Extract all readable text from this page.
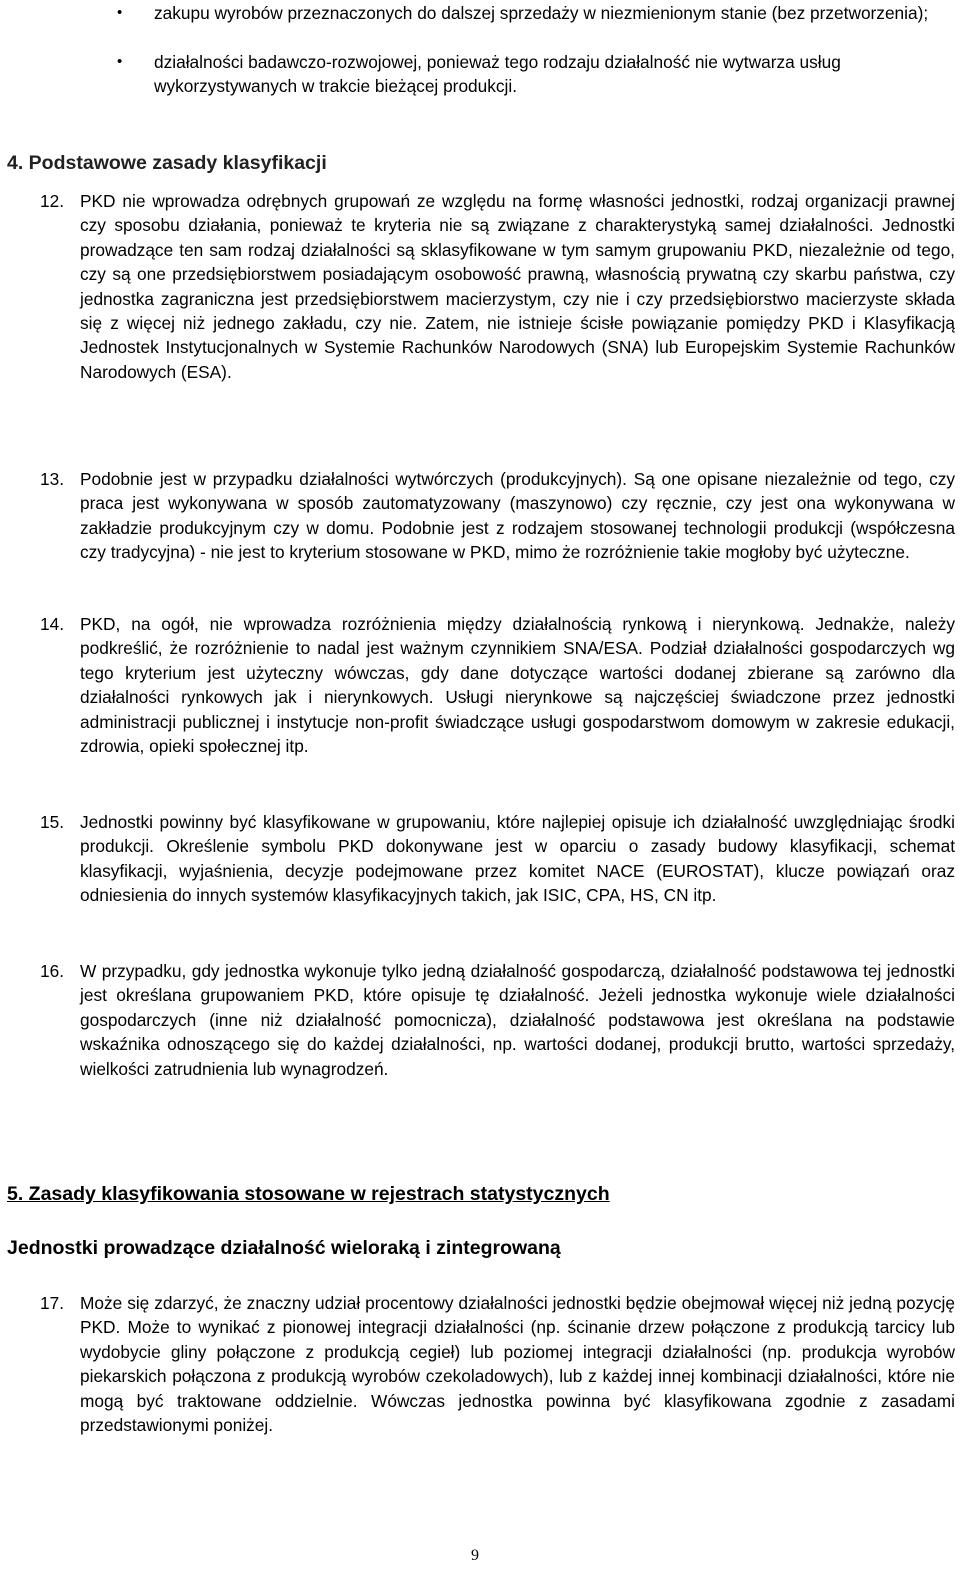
• zakupu wyrobów przeznaczonych do dalszej sprzedaży w niezmienionym stanie (bez przetworzenia);

• działalności badawczo-rozwojowej, ponieważ tego rodzaju działalność nie wytwarza usług wykorzystywanych w trakcie bieżącej produkcji.

4. Podstawowe zasady klasyfikacji

12. PKD nie wprowadza odrębnych grupowań ze względu na formę własności jednostki, rodzaj organizacji prawnej czy sposobu działania, ponieważ te kryteria nie są związane z charakterystyką samej działalności. Jednostki prowadzące ten sam rodzaj działalności są sklasyfikowane w tym samym grupowaniu PKD, niezależnie od tego, czy są one przedsiębiorstwem posiadającym osobowość prawną, własnością prywatną czy skarbu państwa, czy jednostka zagraniczna jest przedsiębiorstwem macierzystym, czy nie i czy przedsiębiorstwo macierzyste składa się z więcej niż jednego zakładu, czy nie. Zatem, nie istnieje ścisłe powiązanie pomiędzy PKD i Klasyfikacją Jednostek Instytucjonalnych w Systemie Rachunków Narodowych (SNA) lub Europejskim Systemie Rachunków Narodowych (ESA).

13. Podobnie jest w przypadku działalności wytwórczych (produkcyjnych). Są one opisane niezależnie od tego, czy praca jest wykonywana w sposób zautomatyzowany (maszynowo) czy ręcznie, czy jest ona wykonywana w zakładzie produkcyjnym czy w domu. Podobnie jest z rodzajem stosowanej technologii produkcji (współczesna czy tradycyjna) - nie jest to kryterium stosowane w PKD, mimo że rozróżnienie takie mogłoby być użyteczne.

14. PKD, na ogół, nie wprowadza rozróżnienia między działalnością rynkową i nierynkową. Jednakże, należy podkreślić, że rozróżnienie to nadal jest ważnym czynnikiem SNA/ESA. Podział działalności gospodarczych wg tego kryterium jest użyteczny wówczas, gdy dane dotyczące wartości dodanej zbierane są zarówno dla działalności rynkowych jak i nierynkowych. Usługi nierynkowe są najczęściej świadczone przez jednostki administracji publicznej i instytucje non-profit świadczące usługi gospodarstwom domowym w zakresie edukacji, zdrowia, opieki społecznej itp.

15. Jednostki powinny być klasyfikowane w grupowaniu, które najlepiej opisuje ich działalność uwzględniając środki produkcji. Określenie symbolu PKD dokonywane jest w oparciu o zasady budowy klasyfikacji, schemat klasyfikacji, wyjaśnienia, decyzje podejmowane przez komitet NACE (EUROSTAT), klucze powiązań oraz odniesienia do innych systemów klasyfikacyjnych takich, jak ISIC, CPA, HS, CN itp.

16. W przypadku, gdy jednostka wykonuje tylko jedną działalność gospodarczą, działalność podstawowa tej jednostki jest określana grupowaniem PKD, które opisuje tę działalność. Jeżeli jednostka wykonuje wiele działalności gospodarczych (inne niż działalność pomocnicza), działalność podstawowa jest określana na podstawie wskaźnika odnoszącego się do każdej działalności, np. wartości dodanej, produkcji brutto, wartości sprzedaży, wielkości zatrudnienia lub wynagrodzeń.

5. Zasady klasyfikowania stosowane w rejestrach statystycznych
Jednostki prowadzące działalność wieloraką i zintegrowaną

17. Może się zdarzyć, że znaczny udział procentowy działalności jednostki będzie obejmował więcej niż jedną pozycję PKD. Może to wynikać z pionowej integracji działalności (np. ścinanie drzew połączone z produkcją tarcicy lub wydobycie gliny połączone z produkcją cegieł) lub poziomej integracji działalności (np. produkcja wyrobów piekarskich połączona z produkcją wyrobów czekoladowych), lub z każdej innej kombinacji działalności, które nie mogą być traktowane oddzielnie. Wówczas jednostka powinna być klasyfikowana zgodnie z zasadami przedstawionymi poniżej.

9
